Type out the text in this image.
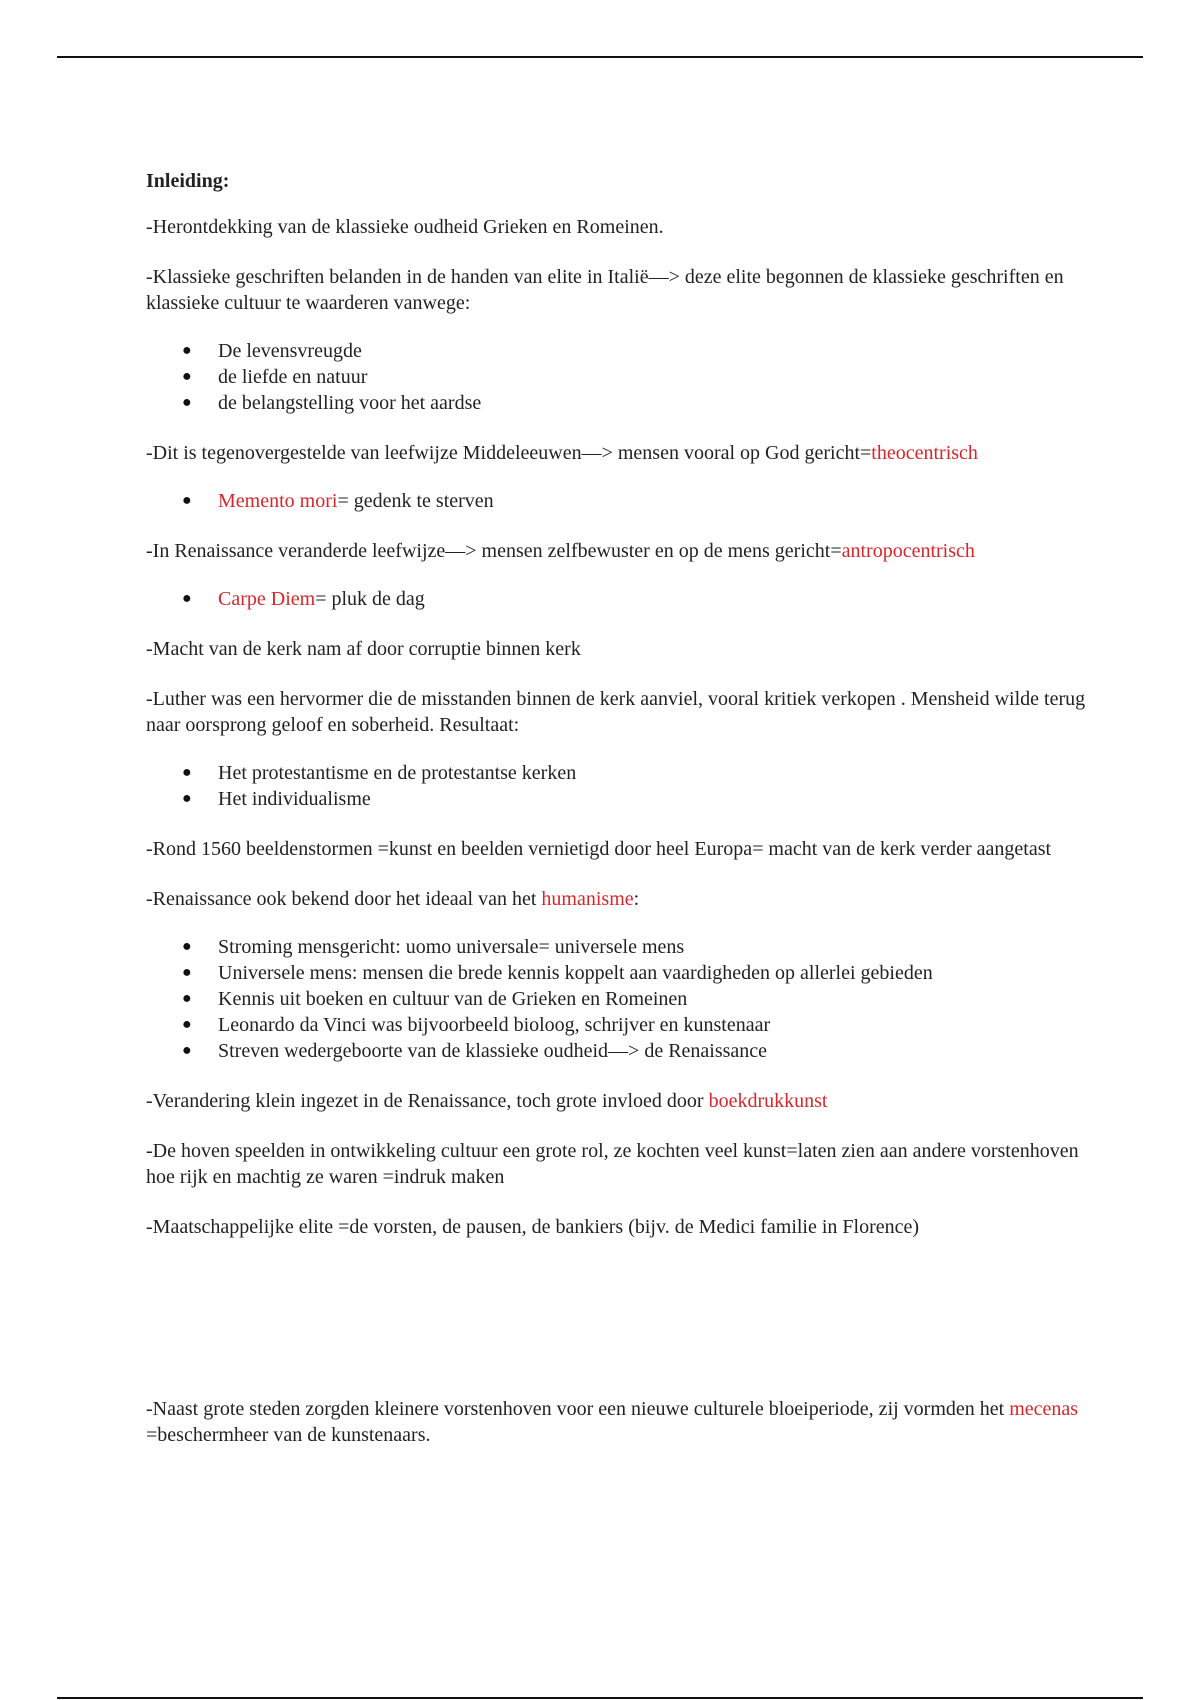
Inleiding:

-Herontdekking van de klassieke oudheid Grieken en Romeinen.

-Klassieke geschriften belanden in de handen van elite in Italië—> deze elite begonnen de klassieke geschriften en klassieke cultuur te waarderen vanwege:

● De levensvreugde
● de liefde en natuur
● de belangstelling voor het aardse

-Dit is tegenovergestelde van leefwijze Middeleeuwen—> mensen vooral op God gericht=theocentrisch

● Memento mori= gedenk te sterven

-In Renaissance veranderde leefwijze—> mensen zelfbewuster en op de mens gericht=antropocentrisch

● Carpe Diem= pluk de dag

-Macht van de kerk nam af door corruptie binnen kerk

-Luther was een hervormer die de misstanden binnen de kerk aanviel, vooral kritiek verkopen . Mensheid wilde terug naar oorsprong geloof en soberheid. Resultaat:

● Het protestantisme en de protestantse kerken
● Het individualisme

-Rond 1560 beeldenstormen =kunst en beelden vernietigd door heel Europa= macht van de kerk verder aangetast

-Renaissance ook bekend door het ideaal van het humanisme:

● Stroming mensgericht: uomo universale= universele mens
● Universele mens: mensen die brede kennis koppelt aan vaardigheden op allerlei gebieden
● Kennis uit boeken en cultuur van de Grieken en Romeinen
● Leonardo da Vinci was bijvoorbeeld bioloog, schrijver en kunstenaar
● Streven wedergeboorte van de klassieke oudheid—> de Renaissance

-Verandering klein ingezet in de Renaissance, toch grote invloed door boekdrukkunst

-De hoven speelden in ontwikkeling cultuur een grote rol, ze kochten veel kunst=laten zien aan andere vorstenhoven hoe rijk en machtig ze waren =indruk maken

-Maatschappelijke elite =de vorsten, de pausen, de bankiers (bijv. de Medici familie in Florence)

-Naast grote steden zorgden kleinere vorstenhoven voor een nieuwe culturele bloeiperiode, zij vormden het mecenas =beschermheer van de kunstenaars.
